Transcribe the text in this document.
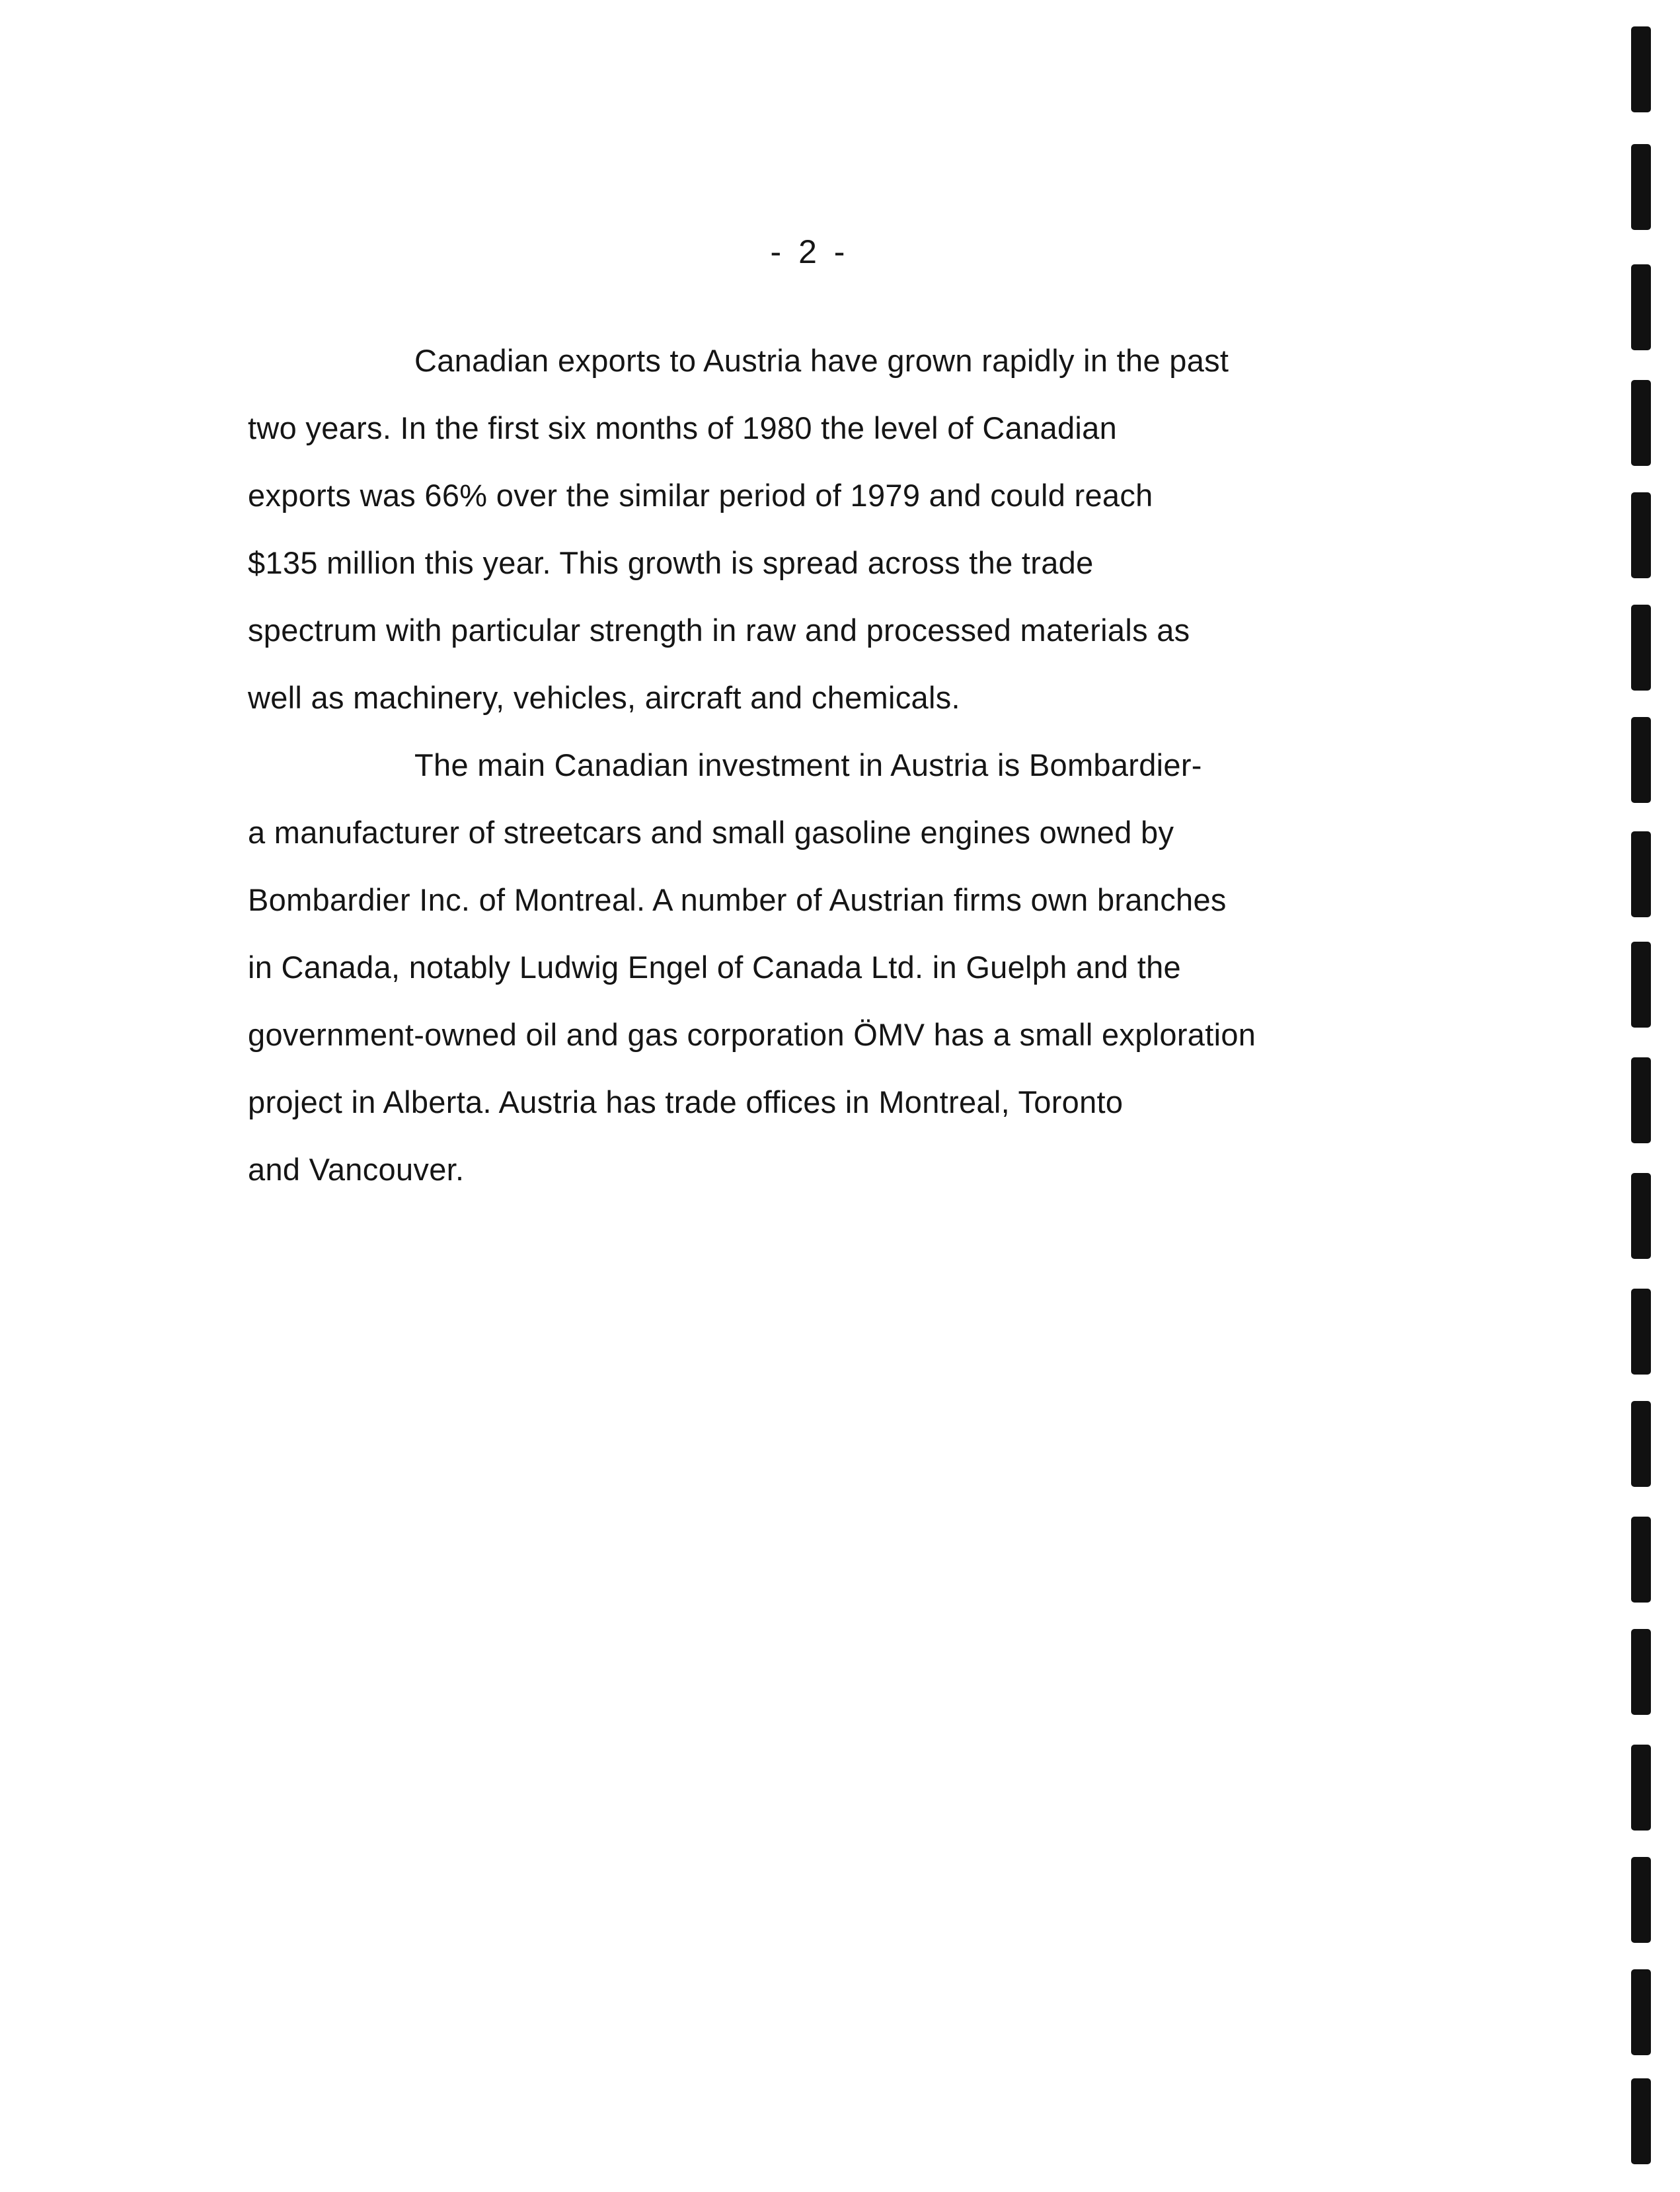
- 2 -
Canadian exports to Austria have grown rapidly in the past
two years. In the first six months of 1980 the level of Canadian
exports was 66% over the similar period of 1979 and could reach
$135 million this year. This growth is spread across the trade
spectrum with particular strength in raw and processed materials as
well as machinery, vehicles, aircraft and chemicals.
The main Canadian investment in Austria is Bombardier-
a manufacturer of streetcars and small gasoline engines owned by
Bombardier Inc. of Montreal. A number of Austrian firms own branches
in Canada, notably Ludwig Engel of Canada Ltd. in Guelph and the
government-owned oil and gas corporation ÖMV has a small exploration
project in Alberta. Austria has trade offices in Montreal, Toronto
and Vancouver.
